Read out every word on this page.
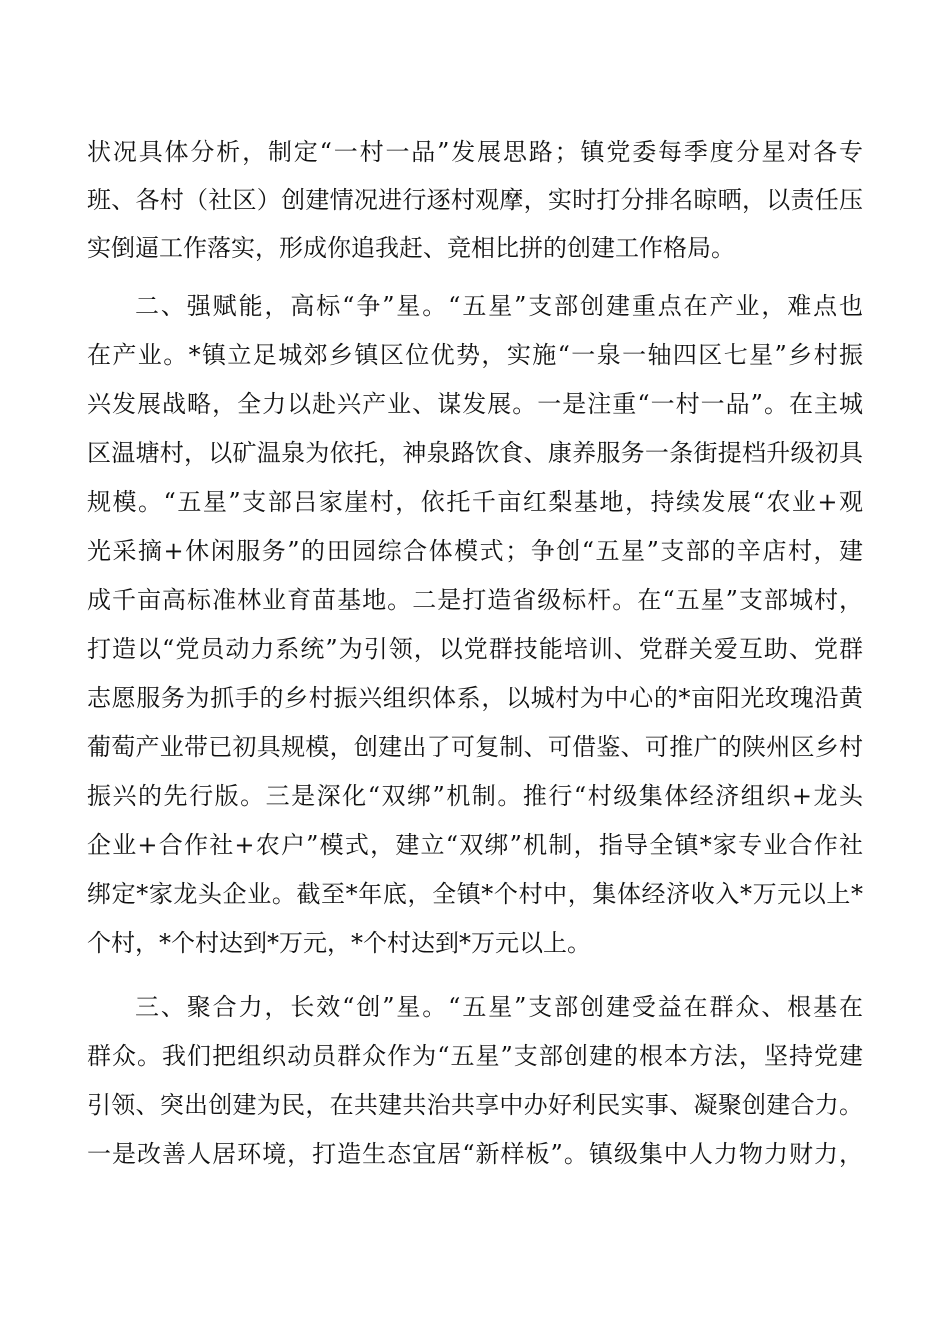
状况具体分析，制定“一村一品”发展思路；镇党委每季度分星对各专
班、各村（社区）创建情况进行逐村观摩，实时打分排名晾晒，以责任压
实倒逼工作落实，形成你追我赶、竞相比拼的创建工作格局。
二、强赋能，高标“争”星。“五星”支部创建重点在产业，难点也
在产业。*镇立足城郊乡镇区位优势，实施“一泉一轴四区七星”乡村振
兴发展战略，全力以赴兴产业、谋发展。一是注重“一村一品”。在主城
区温塘村，以矿温泉为依托，神泉路饮食、康养服务一条街提档升级初具
规模。“五星”支部吕家崖村，依托千亩红梨基地，持续发展“农业+观
光采摘+休闲服务”的田园综合体模式；争创“五星”支部的辛店村，建
成千亩高标准林业育苗基地。二是打造省级标杆。在“五星”支部城村，
打造以“党员动力系统”为引领，以党群技能培训、党群关爱互助、党群
志愿服务为抓手的乡村振兴组织体系，以城村为中心的*亩阳光玫瑰沿黄
葡萄产业带已初具规模，创建出了可复制、可借鉴、可推广的陕州区乡村
振兴的先行版。三是深化“双绑”机制。推行“村级集体经济组织+龙头
企业+合作社+农户”模式，建立“双绑”机制，指导全镇*家专业合作社
绑定*家龙头企业。截至*年底，全镇*个村中，集体经济收入*万元以上*
个村，*个村达到*万元，*个村达到*万元以上。
三、聚合力，长效“创”星。“五星”支部创建受益在群众、根基在
群众。我们把组织动员群众作为“五星”支部创建的根本方法，坚持党建
引领、突出创建为民，在共建共治共享中办好利民实事、凝聚创建合力。
一是改善人居环境，打造生态宜居“新样板”。镇级集中人力物力财力，
